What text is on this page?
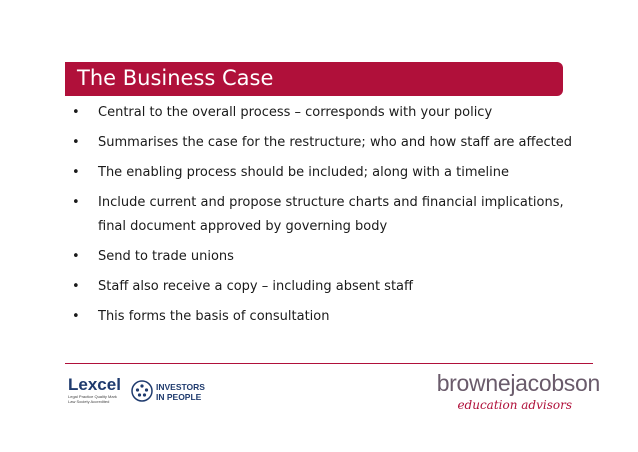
The Business Case
• Central to the overall process – corresponds with your policy
• Summarises the case for the restructure; who and how staff are affected
• The enabling process should be included; along with a timeline
• Include current and propose structure charts and financial implications, final document approved by governing body
• Send to trade unions
• Staff also receive a copy – including absent staff
• This forms the basis of consultation
Lexcel
Legal Practice Quality Mark
Law Society Accredited
INVESTORS
IN PEOPLE
brownejacobson
education advisors
